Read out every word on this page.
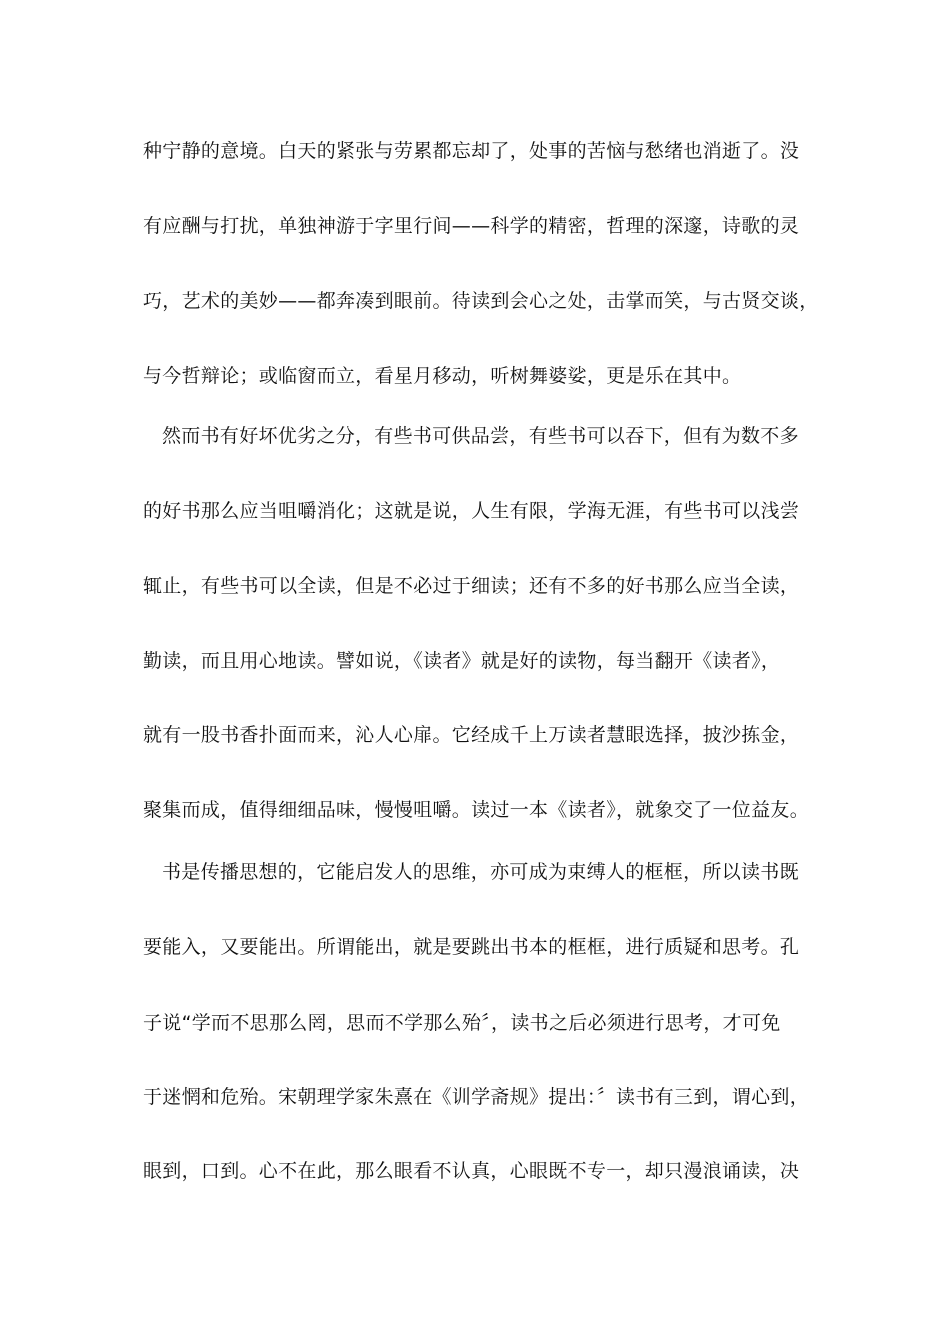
种宁静的意境。白天的紧张与劳累都忘却了，处事的苦恼与愁绪也消逝了。没
有应酬与打扰，单独神游于字里行间——科学的精密，哲理的深邃，诗歌的灵
巧，艺术的美妙——都奔凑到眼前。待读到会心之处，击掌而笑，与古贤交谈，
与今哲辩论；或临窗而立，看星月移动，听树舞婆娑，更是乐在其中。
然而书有好坏优劣之分，有些书可供品尝，有些书可以吞下，但有为数不多
的好书那么应当咀嚼消化；这就是说，人生有限，学海无涯，有些书可以浅尝
辄止，有些书可以全读，但是不必过于细读；还有不多的好书那么应当全读，
勤读，而且用心地读。譬如说，《读者》就是好的读物，每当翻开《读者》，
就有一股书香扑面而来，沁人心扉。它经成千上万读者慧眼选择，披沙拣金，
聚集而成，值得细细品味，慢慢咀嚼。读过一本《读者》，就象交了一位益友。
书是传播思想的，它能启发人的思维，亦可成为束缚人的框框，所以读书既
要能入，又要能出。所谓能出，就是要跳出书本的框框，进行质疑和思考。孔
子说“学而不思那么罔，思而不学那么殆〞，读书之后必须进行思考，才可免
于迷惘和危殆。宋朝理学家朱熹在《训学斋规》提出：〞读书有三到，谓心到，
眼到，口到。心不在此，那么眼看不认真，心眼既不专一，却只漫浪诵读，决
